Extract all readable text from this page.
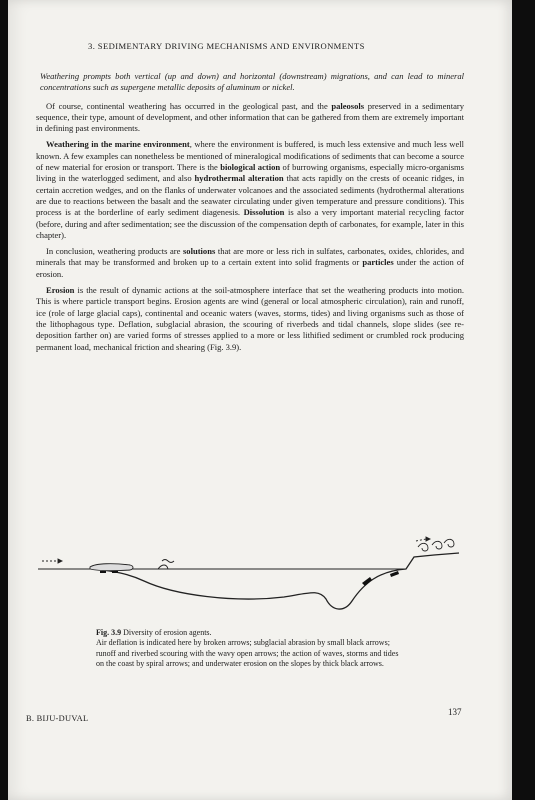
3. SEDIMENTARY DRIVING MECHANISMS AND ENVIRONMENTS

Weathering prompts both vertical (up and down) and horizontal (downstream) migrations, and can lead to mineral concentrations such as supergene metallic deposits of aluminum or nickel.

Of course, continental weathering has occurred in the geological past, and the paleosols preserved in a sedimentary sequence, their type, amount of development, and other information that can be gathered from them are extremely important in defining past environments.

Weathering in the marine environment, where the environment is buffered, is much less extensive and much less well known. A few examples can nonetheless be mentioned of mineralogical modifications of sediments that can become a source of new material for erosion or transport. There is the biological action of burrowing organisms, especially micro-organisms living in the waterlogged sediment, and also hydrothermal alteration that acts rapidly on the crests of oceanic ridges, in certain accretion wedges, and on the flanks of underwater volcanoes and the associated sediments (hydrothermal alterations are due to reactions between the basalt and the seawater circulating under given temperature and pressure conditions). This process is at the borderline of early sediment diagenesis. Dissolution is also a very important material recycling factor (before, during and after sedimentation; see the discussion of the compensation depth of carbonates, for example, later in this chapter).

In conclusion, weathering products are solutions that are more or less rich in sulfates, carbonates, oxides, chlorides, and minerals that may be transformed and broken up to a certain extent into solid fragments or particles under the action of erosion.

Erosion is the result of dynamic actions at the soil-atmosphere interface that set the weathering products into motion. This is where particle transport begins. Erosion agents are wind (general or local atmospheric circulation), rain and runoff, ice (role of large glacial caps), continental and oceanic waters (waves, storms, tides) and living organisms such as those of the lithophagous type. Deflation, subglacial abrasion, the scouring of riverbeds and tidal channels, slope slides (see re-deposition farther on) are varied forms of stresses applied to a more or less lithified sediment or crumbled rock producing permanent load, mechanical friction and shearing (Fig. 3.9).

Fig. 3.9 Diversity of erosion agents.
Air deflation is indicated here by broken arrows; subglacial abrasion by small black arrows; runoff and riverbed scouring with the wavy open arrows; the action of waves, storms and tides on the coast by spiral arrows; and underwater erosion on the slopes by thick black arrows.
B. BIJU-DUVAL
137
